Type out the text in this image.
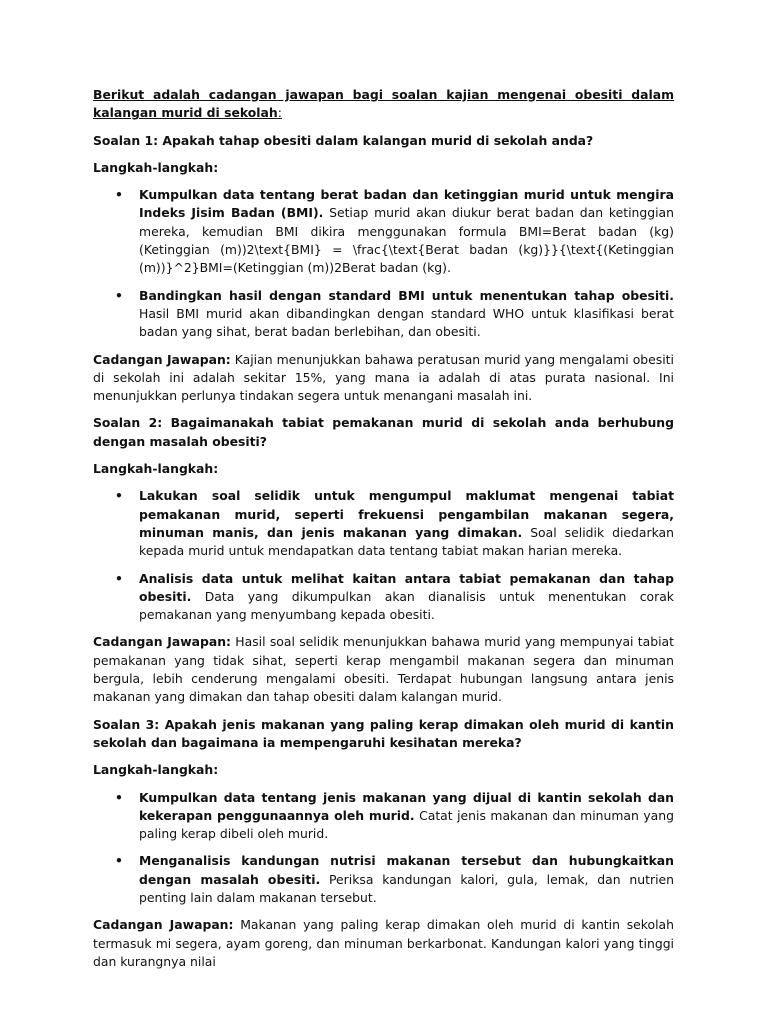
Berikut adalah cadangan jawapan bagi soalan kajian mengenai obesiti dalam kalangan murid di sekolah:

Soalan 1: Apakah tahap obesiti dalam kalangan murid di sekolah anda?

Langkah-langkah:

• Kumpulkan data tentang berat badan dan ketinggian murid untuk mengira Indeks Jisim Badan (BMI). Setiap murid akan diukur berat badan dan ketinggian mereka, kemudian BMI dikira menggunakan formula BMI=Berat badan (kg)(Ketinggian (m))2\text{BMI} = \frac{\text{Berat badan (kg)}}{\text{(Ketinggian (m))}^2}BMI=(Ketinggian (m))2Berat badan (kg).
• Bandingkan hasil dengan standard BMI untuk menentukan tahap obesiti. Hasil BMI murid akan dibandingkan dengan standard WHO untuk klasifikasi berat badan yang sihat, berat badan berlebihan, dan obesiti.

Cadangan Jawapan: Kajian menunjukkan bahawa peratusan murid yang mengalami obesiti di sekolah ini adalah sekitar 15%, yang mana ia adalah di atas purata nasional. Ini menunjukkan perlunya tindakan segera untuk menangani masalah ini.

Soalan 2: Bagaimanakah tabiat pemakanan murid di sekolah anda berhubung dengan masalah obesiti?

Langkah-langkah:

• Lakukan soal selidik untuk mengumpul maklumat mengenai tabiat pemakanan murid, seperti frekuensi pengambilan makanan segera, minuman manis, dan jenis makanan yang dimakan. Soal selidik diedarkan kepada murid untuk mendapatkan data tentang tabiat makan harian mereka.
• Analisis data untuk melihat kaitan antara tabiat pemakanan dan tahap obesiti. Data yang dikumpulkan akan dianalisis untuk menentukan corak pemakanan yang menyumbang kepada obesiti.

Cadangan Jawapan: Hasil soal selidik menunjukkan bahawa murid yang mempunyai tabiat pemakanan yang tidak sihat, seperti kerap mengambil makanan segera dan minuman bergula, lebih cenderung mengalami obesiti. Terdapat hubungan langsung antara jenis makanan yang dimakan dan tahap obesiti dalam kalangan murid.

Soalan 3: Apakah jenis makanan yang paling kerap dimakan oleh murid di kantin sekolah dan bagaimana ia mempengaruhi kesihatan mereka?

Langkah-langkah:

• Kumpulkan data tentang jenis makanan yang dijual di kantin sekolah dan kekerapan penggunaannya oleh murid. Catat jenis makanan dan minuman yang paling kerap dibeli oleh murid.
• Menganalisis kandungan nutrisi makanan tersebut dan hubungkaitkan dengan masalah obesiti. Periksa kandungan kalori, gula, lemak, dan nutrien penting lain dalam makanan tersebut.

Cadangan Jawapan: Makanan yang paling kerap dimakan oleh murid di kantin sekolah termasuk mi segera, ayam goreng, dan minuman berkarbonat. Kandungan kalori yang tinggi dan kurangnya nilai
